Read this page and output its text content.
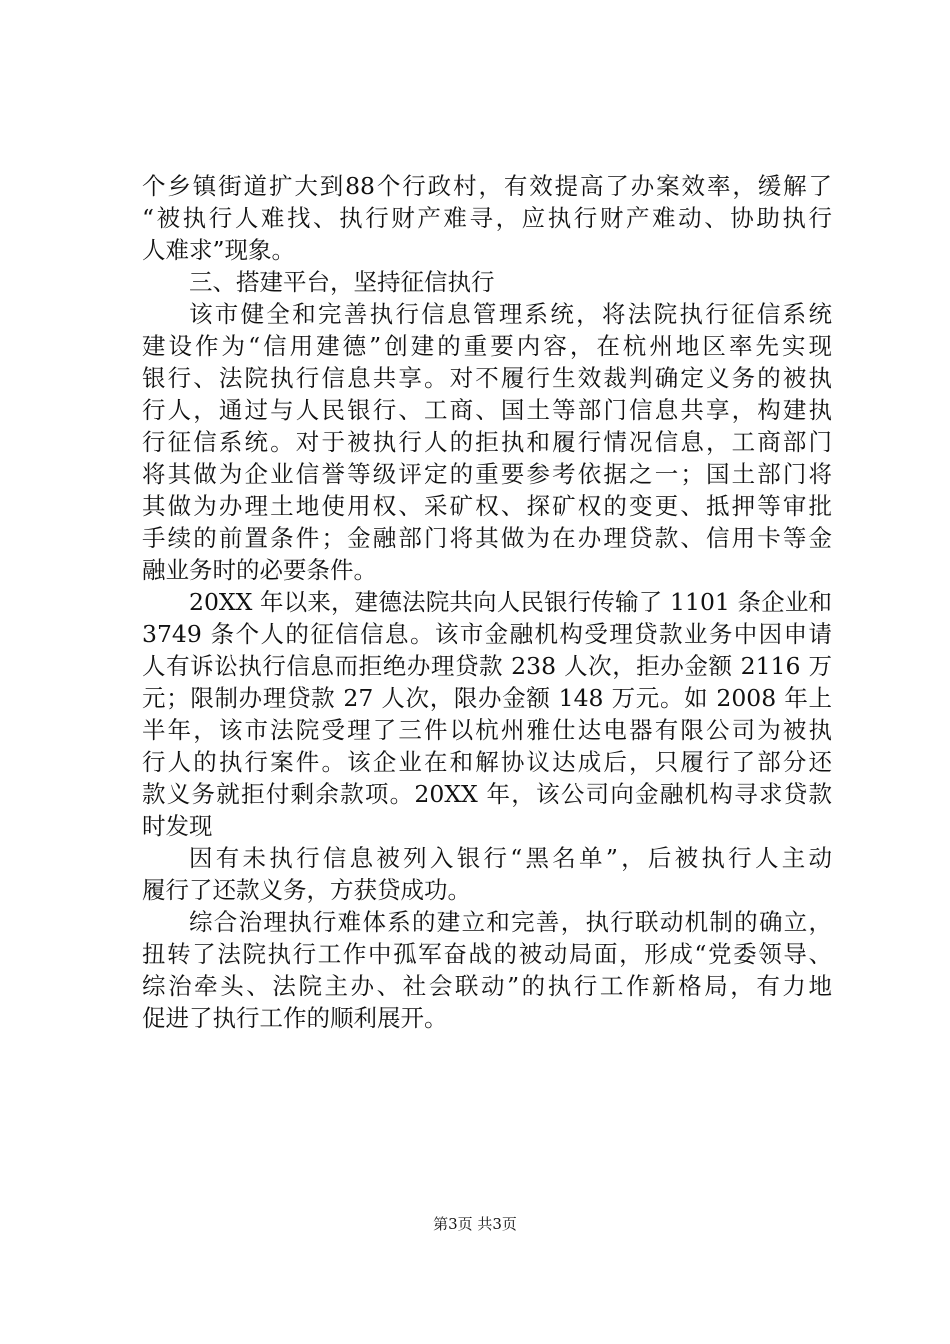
个乡镇街道扩大到88个行政村，有效提高了办案效率，缓解了
“被执行人难找、执行财产难寻，应执行财产难动、协助执行
人难求”现象。
三、搭建平台，坚持征信执行
该市健全和完善执行信息管理系统，将法院执行征信系统
建设作为“信用建德”创建的重要内容，在杭州地区率先实现
银行、法院执行信息共享。对不履行生效裁判确定义务的被执
行人，通过与人民银行、工商、国土等部门信息共享，构建执
行征信系统。对于被执行人的拒执和履行情况信息，工商部门
将其做为企业信誉等级评定的重要参考依据之一；国土部门将
其做为办理土地使用权、采矿权、探矿权的变更、抵押等审批
手续的前置条件；金融部门将其做为在办理贷款、信用卡等金
融业务时的必要条件。
20XX 年以来，建德法院共向人民银行传输了 1101 条企业和
3749 条个人的征信信息。该市金融机构受理贷款业务中因申请
人有诉讼执行信息而拒绝办理贷款 238 人次，拒办金额 2116 万
元；限制办理贷款 27 人次，限办金额 148 万元。如 2008 年上
半年，该市法院受理了三件以杭州雅仕达电器有限公司为被执
行人的执行案件。该企业在和解协议达成后，只履行了部分还
款义务就拒付剩余款项。20XX 年，该公司向金融机构寻求贷款
时发现
因有未执行信息被列入银行“黑名单”，后被执行人主动
履行了还款义务，方获贷成功。
综合治理执行难体系的建立和完善，执行联动机制的确立，
扭转了法院执行工作中孤军奋战的被动局面，形成“党委领导、
综治牵头、法院主办、社会联动”的执行工作新格局，有力地
促进了执行工作的顺利展开。
第3页 共3页
